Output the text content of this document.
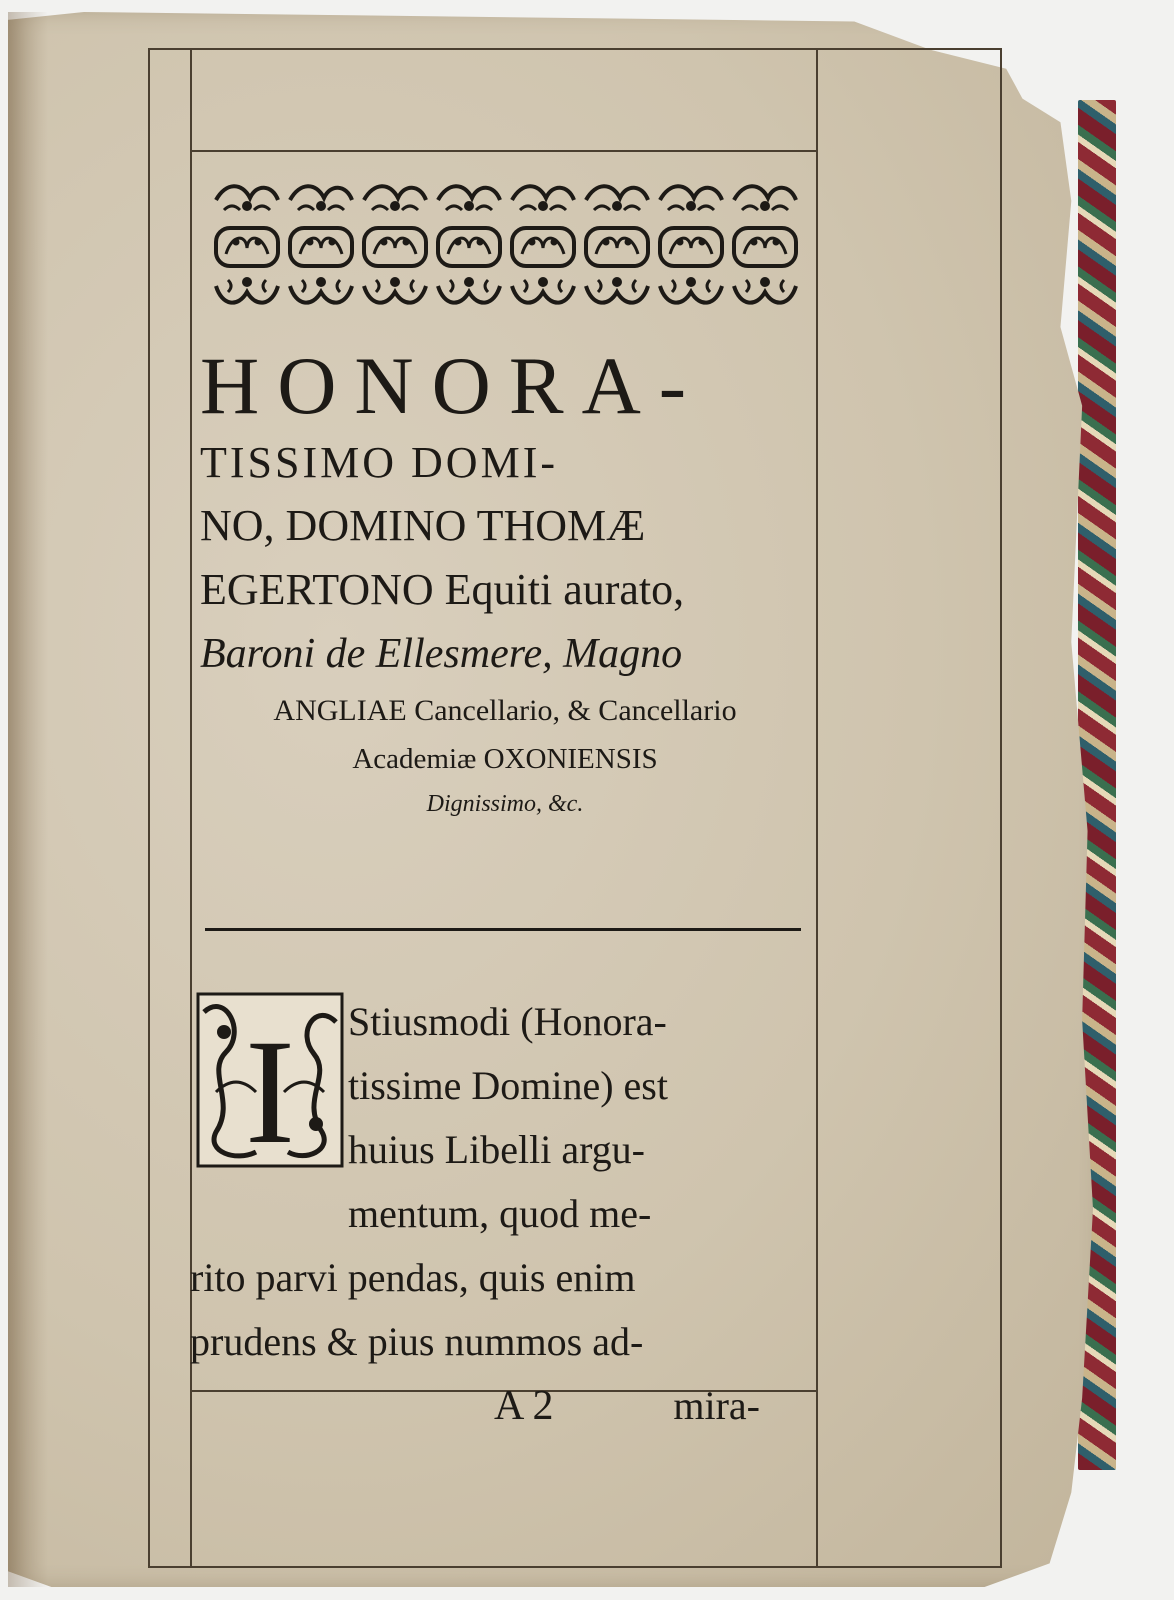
HONORA-
TISSIMO DOMI-
NO, DOMINO THOMÆ
EGERTONO Equiti aurato,
Baroni de Ellesmere, Magno
ANGLIAE Cancellario, & Cancellario
Academiæ OXONIENSIS
Dignissimo, &c.
I	Stiusmodi (Honora-
tissime Domine) est
huius Libelli argu-
mentum, quod me-
rito parvi pendas, quis enim
prudens & pius nummos ad-
A 2	mira-
